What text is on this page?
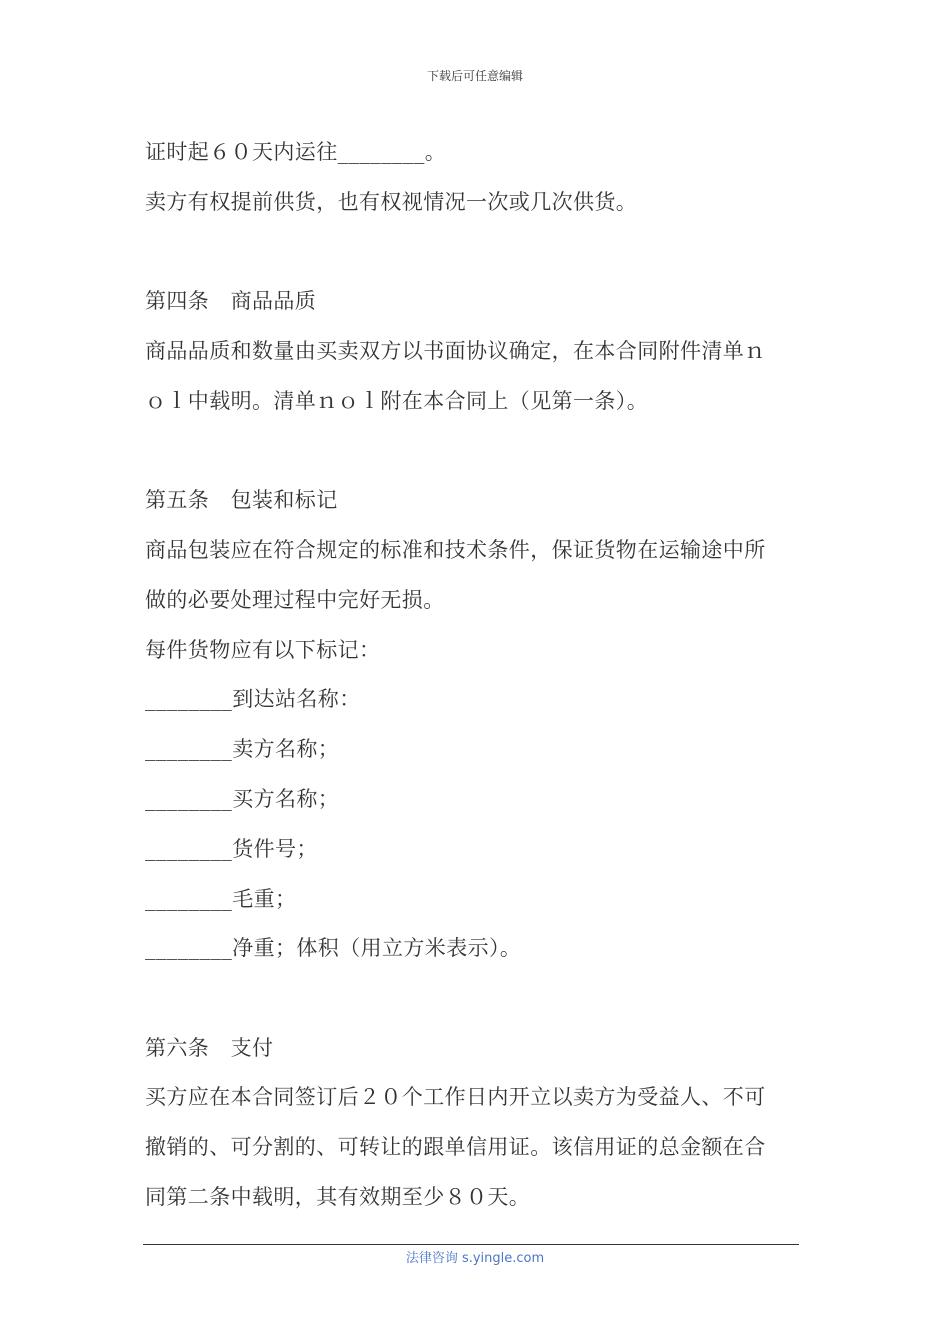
下载后可任意编辑
证时起６０天内运往________。
卖方有权提前供货，也有权视情况一次或几次供货。
第四条　商品品质
商品品质和数量由买卖双方以书面协议确定，在本合同附件清单ｎ
ｏｌ中载明。清单ｎｏｌ附在本合同上（见第一条）。
第五条　包装和标记
商品包装应在符合规定的标准和技术条件，保证货物在运输途中所
做的必要处理过程中完好无损。
每件货物应有以下标记：
________到达站名称：
________卖方名称；
________买方名称；
________货件号；
________毛重；
________净重；体积（用立方米表示）。
第六条　支付
买方应在本合同签订后２０个工作日内开立以卖方为受益人、不可
撤销的、可分割的、可转让的跟单信用证。该信用证的总金额在合
同第二条中载明，其有效期至少８０天。
法律咨询 s.yingle.com
